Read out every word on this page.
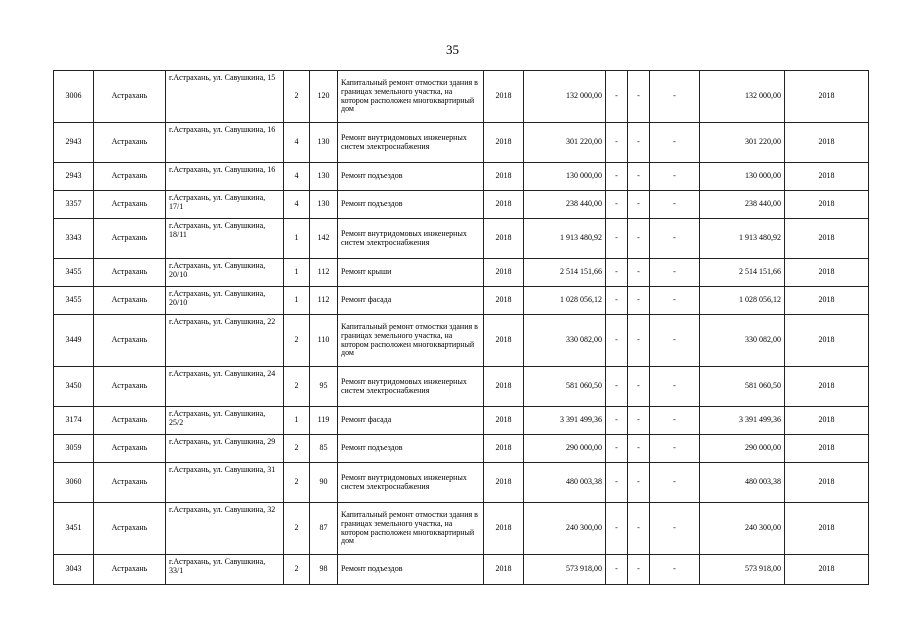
35
3006	Астрахань	г.Астрахань, ул. Савушкина, 15	2	120	Капитальный ремонт отмостки здания в границах земельного участка, на котором расположен многоквартирный дом	2018	132 000,00	-	-	-	132 000,00	2018
2943	Астрахань	г.Астрахань, ул. Савушкина, 16	4	130	Ремонт внутридомовых инженерных систем электроснабжения	2018	301 220,00	-	-	-	301 220,00	2018
2943	Астрахань	г.Астрахань, ул. Савушкина, 16	4	130	Ремонт подъездов	2018	130 000,00	-	-	-	130 000,00	2018
3357	Астрахань	г.Астрахань, ул. Савушкина, 17/1	4	130	Ремонт подъездов	2018	238 440,00	-	-	-	238 440,00	2018
3343	Астрахань	г.Астрахань, ул. Савушкина, 18/11	1	142	Ремонт внутридомовых инженерных систем электроснабжения	2018	1 913 480,92	-	-	-	1 913 480,92	2018
3455	Астрахань	г.Астрахань, ул. Савушкина, 20/10	1	112	Ремонт крыши	2018	2 514 151,66	-	-	-	2 514 151,66	2018
3455	Астрахань	г.Астрахань, ул. Савушкина, 20/10	1	112	Ремонт фасада	2018	1 028 056,12	-	-	-	1 028 056,12	2018
3449	Астрахань	г.Астрахань, ул. Савушкина, 22	2	110	Капитальный ремонт отмостки здания в границах земельного участка, на котором расположен многоквартирный дом	2018	330 082,00	-	-	-	330 082,00	2018
3450	Астрахань	г.Астрахань, ул. Савушкина, 24	2	95	Ремонт внутридомовых инженерных систем электроснабжения	2018	581 060,50	-	-	-	581 060,50	2018
3174	Астрахань	г.Астрахань, ул. Савушкина, 25/2	1	119	Ремонт фасада	2018	3 391 499,36	-	-	-	3 391 499,36	2018
3059	Астрахань	г.Астрахань, ул. Савушкина, 29	2	85	Ремонт подъездов	2018	290 000,00	-	-	-	290 000,00	2018
3060	Астрахань	г.Астрахань, ул. Савушкина, 31	2	90	Ремонт внутридомовых инженерных систем электроснабжения	2018	480 003,38	-	-	-	480 003,38	2018
3451	Астрахань	г.Астрахань, ул. Савушкина, 32	2	87	Капитальный ремонт отмостки здания в границах земельного участка, на котором расположен многоквартирный дом	2018	240 300,00	-	-	-	240 300,00	2018
3043	Астрахань	г.Астрахань, ул. Савушкина, 33/1	2	98	Ремонт подъездов	2018	573 918,00	-	-	-	573 918,00	2018
